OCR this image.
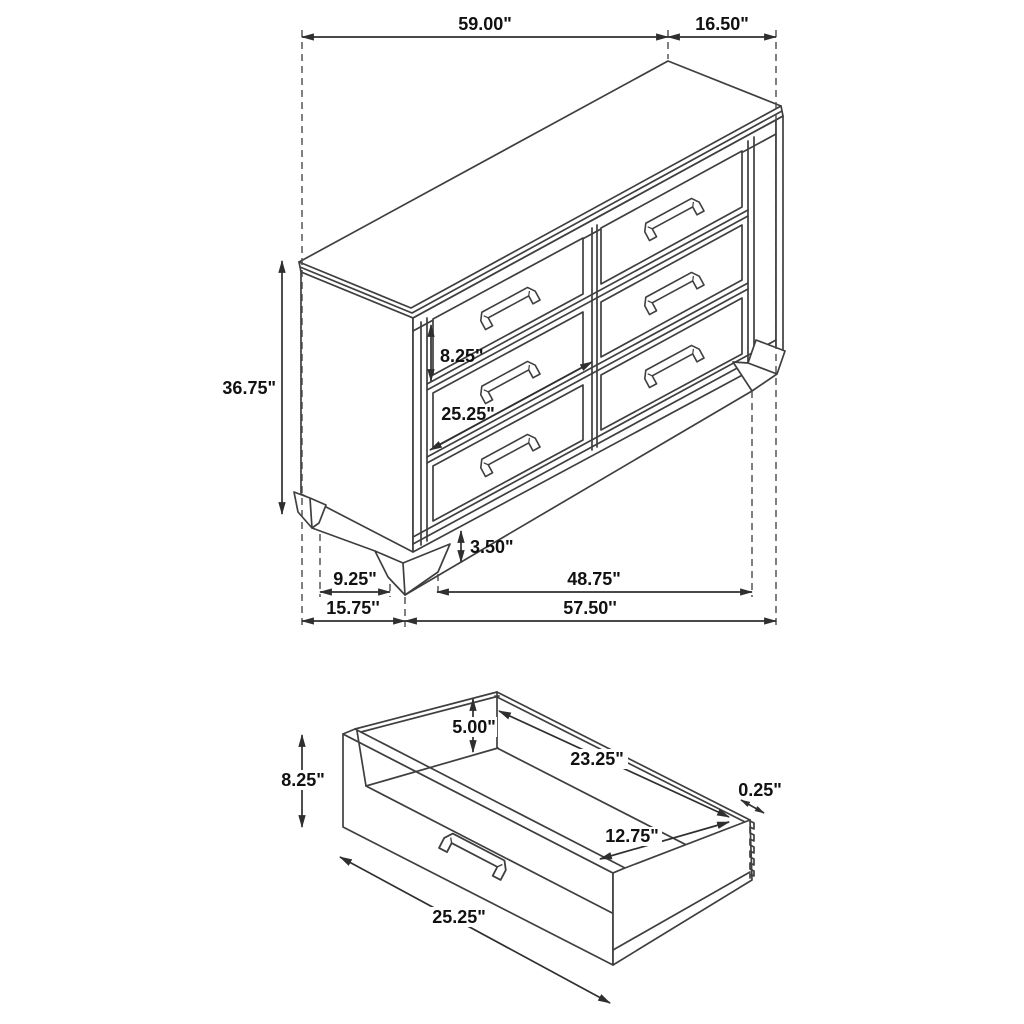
59.00"	16.50"
36.75"
8.25"
25.25"
3.50"
9.25"	48.75"
15.75''	57.50''
8.25"
5.00"
23.25"
12.75"
0.25"
25.25"
